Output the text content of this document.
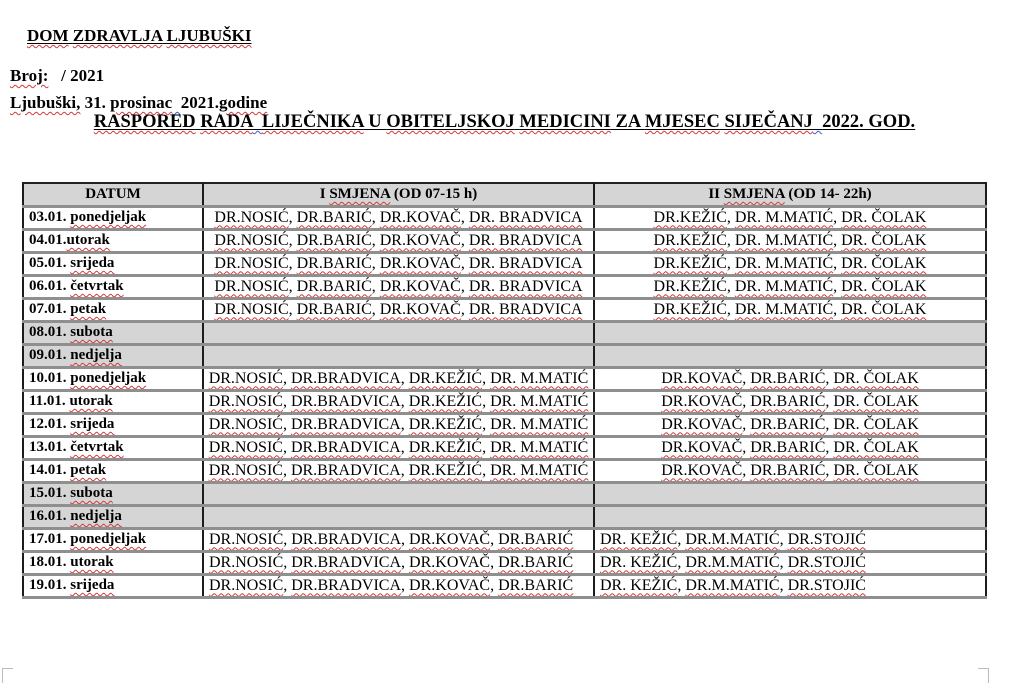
DOM ZDRAVLJA LJUBUŠKI

Broj:   / 2021
Ljubuški, 31. prosinac 2021.godine
RASPORED RADA LIJEČNIKA U OBITELJSKOJ MEDICINI ZA MJESEC SIJEČANJ 2022. GOD.
DATUM	I SMJENA (OD 07-15 h)	II SMJENA (OD 14- 22h)
03.01. ponedjeljak	DR.NOSIĆ, DR.BARIĆ, DR.KOVAČ, DR. BRADVICA	DR.KEŽIĆ, DR. M.MATIĆ, DR. ČOLAK
04.01.utorak	DR.NOSIĆ, DR.BARIĆ, DR.KOVAČ, DR. BRADVICA	DR.KEŽIĆ, DR. M.MATIĆ, DR. ČOLAK
05.01. srijeda	DR.NOSIĆ, DR.BARIĆ, DR.KOVAČ, DR. BRADVICA	DR.KEŽIĆ, DR. M.MATIĆ, DR. ČOLAK
06.01. četvrtak	DR.NOSIĆ, DR.BARIĆ, DR.KOVAČ, DR. BRADVICA	DR.KEŽIĆ, DR. M.MATIĆ, DR. ČOLAK
07.01. petak	DR.NOSIĆ, DR.BARIĆ, DR.KOVAČ, DR. BRADVICA	DR.KEŽIĆ, DR. M.MATIĆ, DR. ČOLAK
08.01. subota		
09.01. nedjelja		
10.01. ponedjeljak	DR.NOSIĆ, DR.BRADVICA, DR.KEŽIĆ, DR. M.MATIĆ	DR.KOVAČ, DR.BARIĆ, DR. ČOLAK
11.01. utorak	DR.NOSIĆ, DR.BRADVICA, DR.KEŽIĆ, DR. M.MATIĆ	DR.KOVAČ, DR.BARIĆ, DR. ČOLAK
12.01. srijeda	DR.NOSIĆ, DR.BRADVICA, DR.KEŽIĆ, DR. M.MATIĆ	DR.KOVAČ, DR.BARIĆ, DR. ČOLAK
13.01. četvrtak	DR.NOSIĆ, DR.BRADVICA, DR.KEŽIĆ, DR. M.MATIĆ	DR.KOVAČ, DR.BARIĆ, DR. ČOLAK
14.01. petak	DR.NOSIĆ, DR.BRADVICA, DR.KEŽIĆ, DR. M.MATIĆ	DR.KOVAČ, DR.BARIĆ, DR. ČOLAK
15.01. subota		
16.01. nedjelja		
17.01. ponedjeljak	DR.NOSIĆ, DR.BRADVICA, DR.KOVAČ, DR.BARIĆ	DR. KEŽIĆ, DR.M.MATIĆ, DR.STOJIĆ
18.01. utorak	DR.NOSIĆ, DR.BRADVICA, DR.KOVAČ, DR.BARIĆ	DR. KEŽIĆ, DR.M.MATIĆ, DR.STOJIĆ
19.01. srijeda	DR.NOSIĆ, DR.BRADVICA, DR.KOVAČ, DR.BARIĆ	DR. KEŽIĆ, DR.M.MATIĆ, DR.STOJIĆ
